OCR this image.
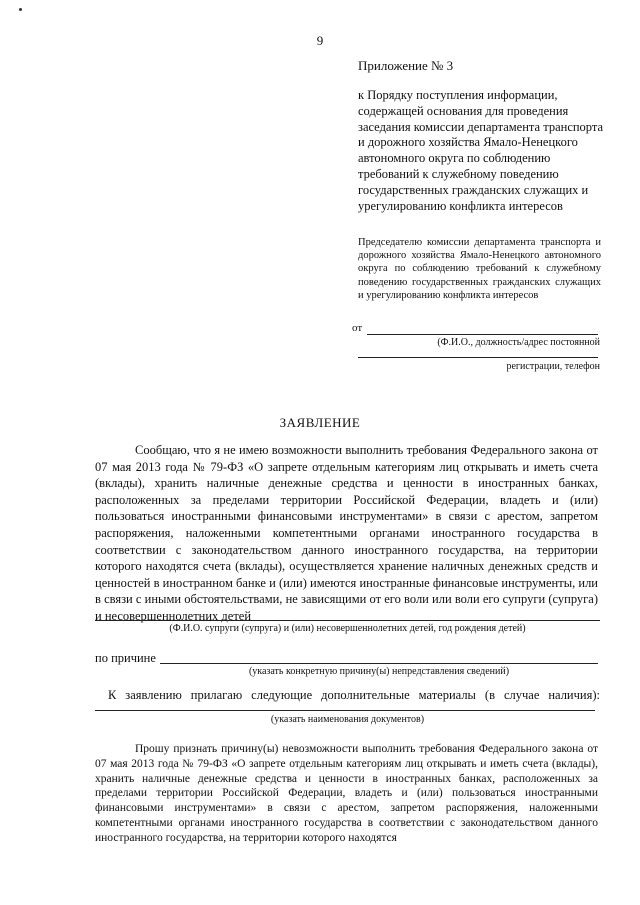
9
Приложение № 3
к Порядку поступления информации, содержащей основания для проведения заседания комиссии департамента транспорта и дорожного хозяйства Ямало-Ненецкого автономного округа по соблюдению требований к служебному поведению государственных гражданских служащих и урегулированию конфликта интересов
Председателю комиссии департамента транспорта и дорожного хозяйства Ямало-Ненецкого автономного округа по соблюдению требований к служебному поведению государственных гражданских служащих и урегулированию конфликта интересов
от
(Ф.И.О., должность/адрес постоянной
регистрации, телефон
ЗАЯВЛЕНИЕ
Сообщаю, что я не имею возможности выполнить требования Федерального закона от 07 мая 2013 года № 79-ФЗ «О запрете отдельным категориям лиц открывать и иметь счета (вклады), хранить наличные денежные средства и ценности в иностранных банках, расположенных за пределами территории Российской Федерации, владеть и (или) пользоваться иностранными финансовыми инструментами» в связи с арестом, запретом распоряжения, наложенными компетентными органами иностранного государства в соответствии с законодательством данного иностранного государства, на территории которого находятся счета (вклады), осуществляется хранение наличных денежных средств и ценностей в иностранном банке и (или) имеются иностранные финансовые инструменты, или в связи с иными обстоятельствами, не зависящими от его воли или воли его супруги (супруга) и несовершеннолетних детей
(Ф.И.О. супруги (супруга) и (или) несовершеннолетних детей, год рождения детей)
по причине
(указать конкретную причину(ы) непредставления сведений)
К заявлению прилагаю следующие дополнительные материалы (в случае наличия):
(указать наименования документов)
Прошу признать причину(ы) невозможности выполнить требования Федерального закона от 07 мая 2013 года № 79-ФЗ «О запрете отдельным категориям лиц открывать и иметь счета (вклады), хранить наличные денежные средства и ценности в иностранных банках, расположенных за пределами территории Российской Федерации, владеть и (или) пользоваться иностранными финансовыми инструментами» в связи с арестом, запретом распоряжения, наложенными компетентными органами иностранного государства в соответствии с законодательством данного иностранного государства, на территории которого находятся
